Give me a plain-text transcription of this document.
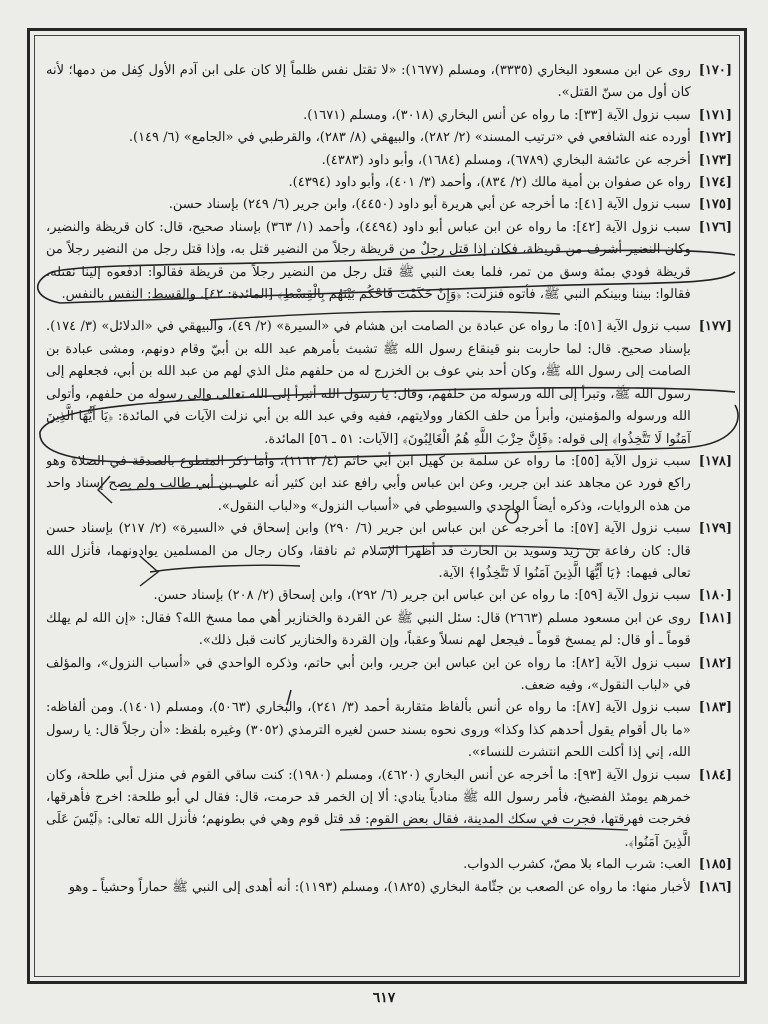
[١٧٠]
روى عن ابن مسعود البخاري (٣٣٣٥)، ومسلم (١٦٧٧): «لا تقتل نفس ظلماً إلا كان على ابن آدم الأول كِفل من دمها؛ لأنه كان أول من سنّ القتل».
[١٧١]
سبب نزول الآية [٣٣]: ما رواه عن أنس البخاري (٣٠١٨)، ومسلم (١٦٧١).
[١٧٢]
أورده عنه الشافعي في «ترتيب المسند» (٢/ ٢٨٢)، والبيهقي (٨/ ٢٨٣)، والقرطبي في «الجامع» (٦/ ١٤٩).
[١٧٣]
أخرجه عن عائشة البخاري (٦٧٨٩)، ومسلم (١٦٨٤)، وأبو داود (٤٣٨٣).
[١٧٤]
رواه عن صفوان بن أمية مالك (٢/ ٨٣٤)، وأحمد (٣/ ٤٠١)، وأبو داود (٤٣٩٤).
[١٧٥]
سبب نزول الآية [٤١]: ما أخرجه عن أبي هريرة أبو داود (٤٤٥٠)، وابن جرير (٦/ ٢٤٩) بإسناد حسن.
[١٧٦]
سبب نزول الآية [٤٢]: ما رواه عن ابن عباس أبو داود (٤٤٩٤)، وأحمد (١/ ٣٦٣) بإسناد صحيح، قال: كان قريظة والنضير، وكان النضير أشرف من قريظة، فكان إذا قتل رجلٌ من قريظة رجلاً من النضير قتل به، وإذا قتل رجل من النضير رجلاً من قريظة فودي بمئة وسق من تمر، فلما بعث النبي ﷺ قتل رجل من النضير رجلاً من قريظة فقالوا: ادفعوه إلينا نقتله، فقالوا: بيننا وبينكم النبي ﷺ، فأتوه فنزلت: ﴿وَإِنْ حَكَمْتَ فَاحْكُم بَيْنَهُم بِالْقِسْطِ﴾ [المائدة: ٤٢]. والقسط: النفس بالنفس.
[١٧٧]
سبب نزول الآية [٥١]: ما رواه عن عبادة بن الصامت ابن هشام في «السيرة» (٢/ ٤٩)، والبيهقي في «الدلائل» (٣/ ١٧٤). بإسناد صحيح. قال: لما حاربت بنو قينقاع رسول الله ﷺ تشبث بأمرهم عبد الله بن أبيّ وقام دونهم، ومشى عبادة بن الصامت إلى رسول الله ﷺ، وكان أحد بني عوف بن الخزرج له من حلفهم مثل الذي لهم من عبد الله بن أبي، فجعلهم إلى رسول الله ﷺ، وتبرأ إلى الله ورسوله من حلفهم، وقال: يا رسول الله أتبرأ إلى الله تعالى وإلى رسوله من حلفهم، وأتولى الله ورسوله والمؤمنين، وأبرأ من حلف الكفار وولايتهم، ففيه وفي عبد الله بن أبي نزلت الآيات في المائدة: ﴿يَا أَيُّهَا الَّذِينَ آمَنُوا لَا تَتَّخِذُوا﴾ إلى قوله: ﴿فَإِنَّ حِزْبَ اللَّهِ هُمُ الْغَالِبُونَ﴾ [الآيات: ٥١ ـ ٥٦] المائدة.
[١٧٨]
سبب نزول الآية [٥٥]: ما رواه عن سلمة بن كهيل ابن أبي حاتم (٤/ ١١٦٢)، وأما ذكر المتطوع بالصدقة في الصلاة وهو راكع فورد عن مجاهد عند ابن جرير، وعن ابن عباس وأبي رافع عند ابن كثير أنه علي بن أبي طالب ولم يصح إسناد واحد من هذه الروايات، وذكره أيضاً الواحدي والسيوطي في «أسباب النزول» و«لباب النقول».
[١٧٩]
سبب نزول الآية [٥٧]: ما أخرجه عن ابن عباس ابن جرير (٦/ ٢٩٠) وابن إسحاق في «السيرة» (٢/ ٢١٧) بإسناد حسن قال: كان رفاعة بن زيد وسويد بن الحارث قد أظهرا الإسلام ثم نافقا، وكان رجال من المسلمين يوادونهما، فأنزل الله تعالى فيهما: ﴿يَا أَيُّهَا الَّذِينَ آمَنُوا لَا تَتَّخِذُوا﴾ الآية.
[١٨٠]
سبب نزول الآية [٥٩]: ما رواه عن ابن عباس ابن جرير (٦/ ٢٩٢)، وابن إسحاق (٢/ ٢٠٨) بإسناد حسن.
[١٨١]
روى عن ابن مسعود مسلم (٢٦٦٣) قال: سئل النبي ﷺ عن القردة والخنازير أهي مما مسخ الله؟ فقال: «إن الله لم يهلك قوماً ـ أو قال: لم يمسخ قوماً ـ فيجعل لهم نسلاً وعقباً، وإن القردة والخنازير كانت قبل ذلك».
[١٨٢]
سبب نزول الآية [٨٢]: ما رواه عن ابن عباس ابن جرير، وابن أبي حاتم، وذكره الواحدي في «أسباب النزول»، والمؤلف في «لباب النقول»، وفيه ضعف.
[١٨٣]
سبب نزول الآية [٨٧]: ما رواه عن أنس بألفاظ متقاربة أحمد (٣/ ٢٤١)، والبخاري (٥٠٦٣)، ومسلم (١٤٠١). ومن ألفاظه: «ما بال أقوام يقول أحدهم كذا وكذا» وروى نحوه بسند حسن لغيره الترمذي (٣٠٥٢) وغيره بلفظ: «أن رجلاً قال: يا رسول الله، إني إذا أكلت اللحم انتشرت للنساء».
[١٨٤]
سبب نزول الآية [٩٣]: ما أخرجه عن أنس البخاري (٤٦٢٠)، ومسلم (١٩٨٠): كنت ساقي القوم في منزل أبي طلحة، وكان خمرهم يومئذ الفضيخ، فأمر رسول الله ﷺ منادياً ينادي: ألا إن الخمر قد حرمت، قال: فقال لي أبو طلحة: اخرج فأهرقها، فخرجت فهرقتها، فجرت في سكك المدينة، فقال بعض القوم: قد قتل قوم وهي في بطونهم؛ فأنزل الله تعالى: ﴿لَيْسَ عَلَى الَّذِينَ آمَنُوا﴾.
[١٨٥]
العب: شرب الماء بلا مصّ، كشرب الدواب.
[١٨٦]
لأخبار منها: ما رواه عن الصعب بن جثّامة البخاري (١٨٢٥)، ومسلم (١١٩٣): أنه أهدى إلى النبي ﷺ حماراً وحشياً ـ وهو
٦١٧
